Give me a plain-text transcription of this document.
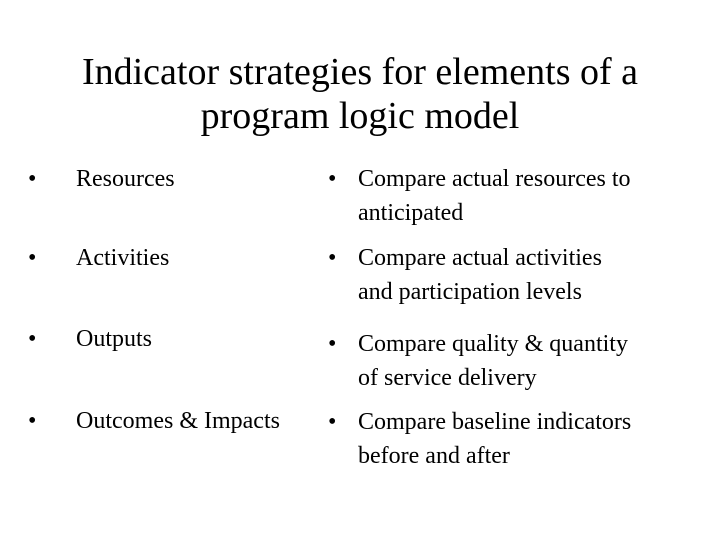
Indicator strategies for elements of a
program logic model
• Resources
• Activities
• Outputs
• Outcomes & Impacts
• Compare actual resources to
anticipated
• Compare actual activities
and participation levels
• Compare quality & quantity
of service delivery
• Compare baseline indicators
before and after
